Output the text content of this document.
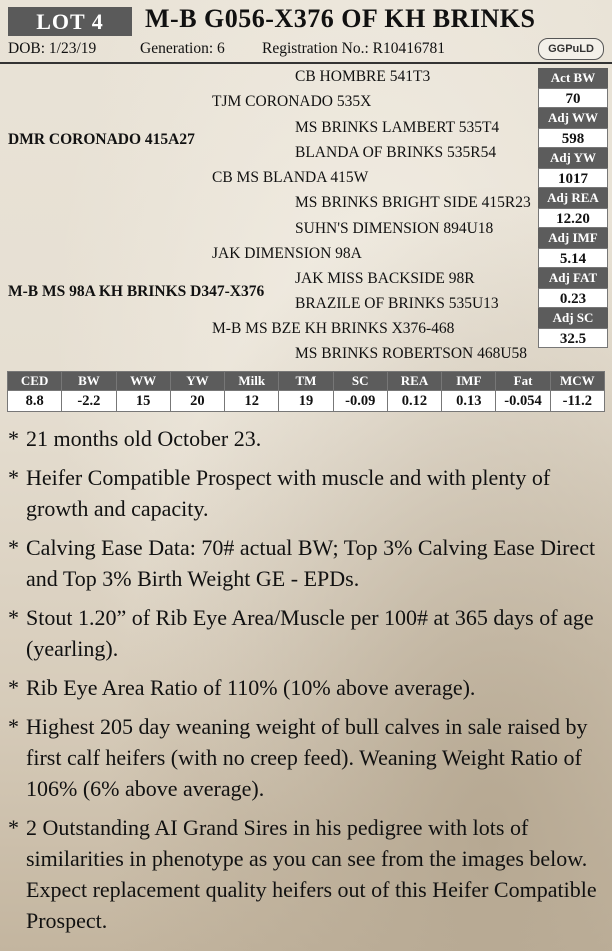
LOT 4	M-B G056-X376 OF KH BRINKS
DOB: 1/23/19	Generation: 6 Registration No.: R10416781	GGPuLD
CB HOMBRE 541T3
TJM CORONADO 535X
MS BRINKS LAMBERT 535T4
DMR CORONADO 415A27
BLANDA OF BRINKS 535R54
CB MS BLANDA 415W
MS BRINKS BRIGHT SIDE 415R23
SUHN'S DIMENSION 894U18
JAK DIMENSION 98A
JAK MISS BACKSIDE 98R
M-B MS 98A KH BRINKS D347-X376
BRAZILE OF BRINKS 535U13
M-B MS BZE KH BRINKS X376-468
MS BRINKS ROBERTSON 468U58
Act BW
70
Adj WW
598
Adj YW
1017
Adj REA
12.20
Adj IMF
5.14
Adj FAT
0.23
Adj SC
32.5
CED	BW	WW	YW	Milk	TM	SC	REA	IMF	Fat	MCW
8.8	-2.2	15	20	12	19	-0.09	0.12	0.13	-0.054	-11.2
* 21 months old October 23.
* Heifer Compatible Prospect with muscle and with plenty of growth and capacity.
* Calving Ease Data: 70# actual BW; Top 3% Calving Ease Direct and Top 3% Birth Weight GE - EPDs.
* Stout 1.20” of Rib Eye Area/Muscle per 100# at 365 days of age (yearling).
* Rib Eye Area Ratio of 110% (10% above average).
* Highest 205 day weaning weight of bull calves in sale raised by first calf heifers (with no creep feed). Weaning Weight Ratio of 106% (6% above average).
* 2 Outstanding AI Grand Sires in his pedigree with lots of similarities in phenotype as you can see from the images below. Expect replacement quality heifers out of this Heifer Compatible Prospect.
